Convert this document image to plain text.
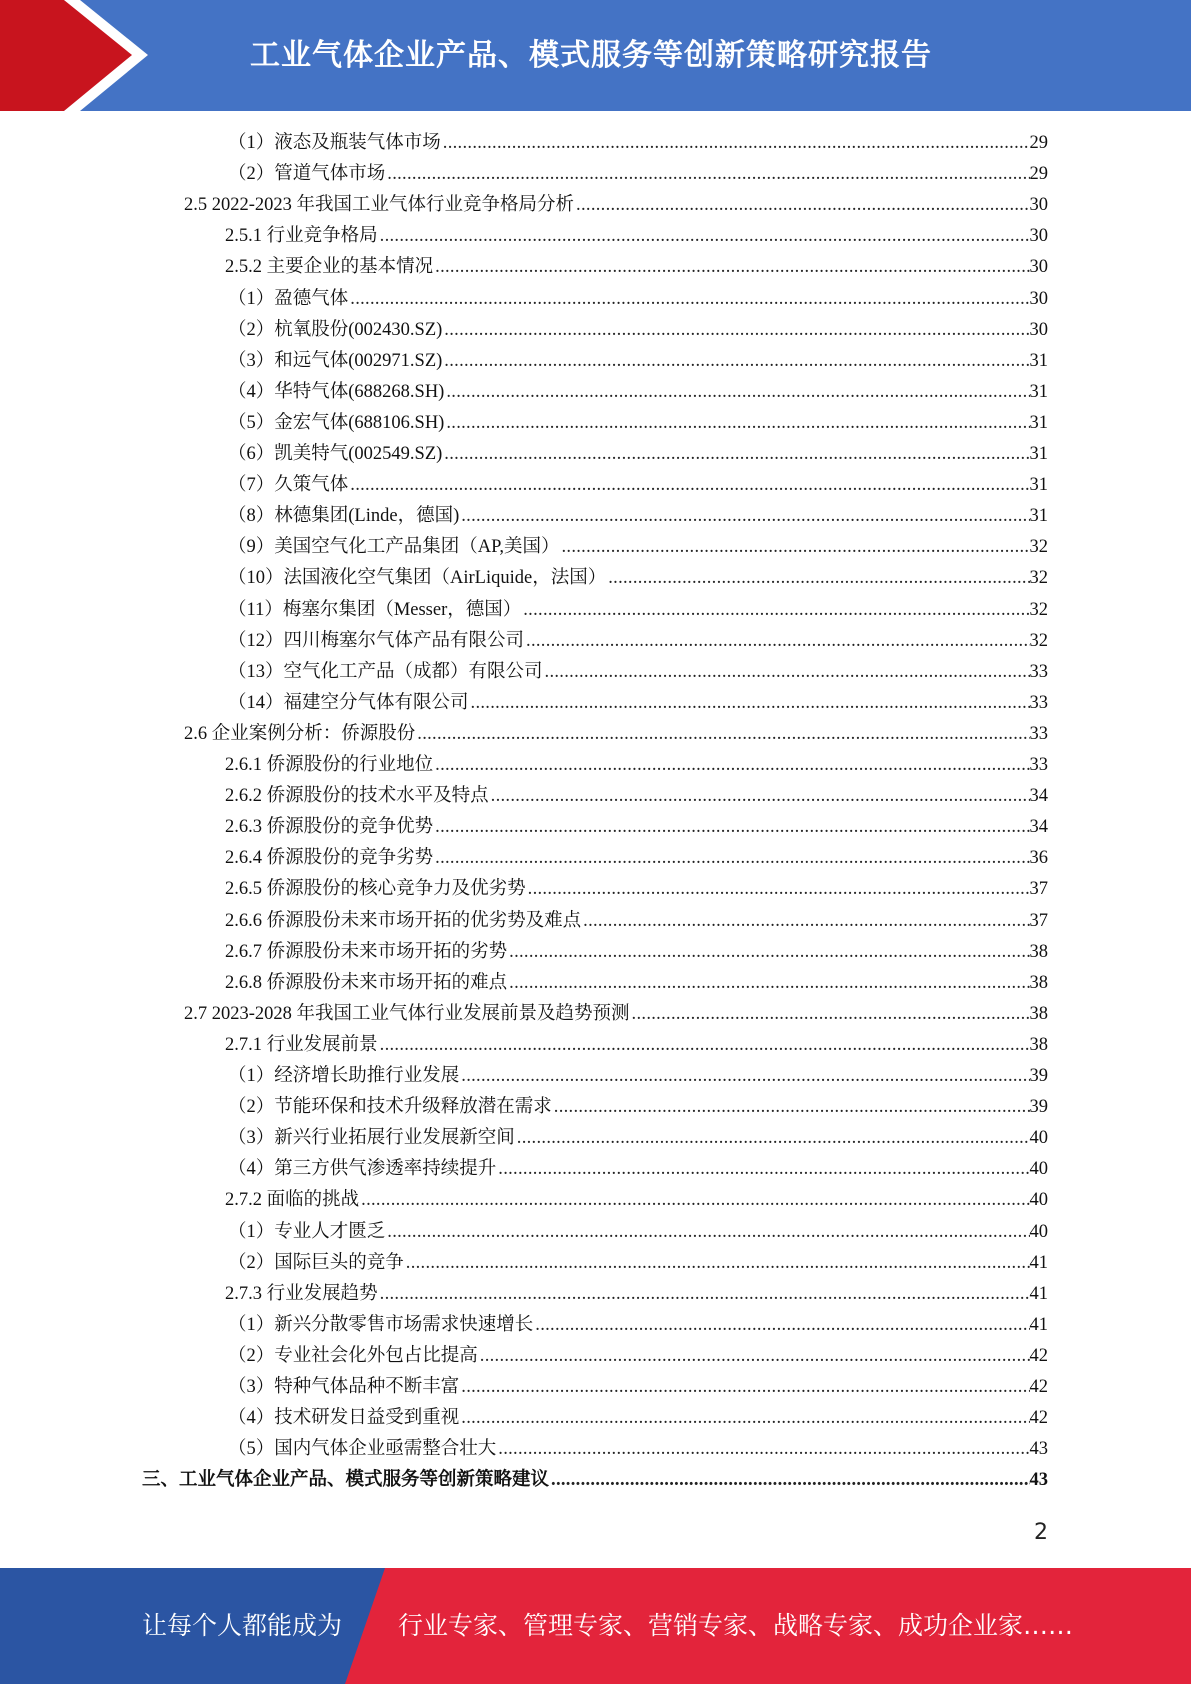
工业气体企业产品、模式服务等创新策略研究报告
（1）液态及瓶装气体市场 .....	29
（2）管道气体市场 .....	29
2.5 2022-2023 年我国工业气体行业竞争格局分析 .....	30
2.5.1 行业竞争格局 .....	30
2.5.2 主要企业的基本情况 .....	30
（1）盈德气体 .....	30
（2）杭氧股份(002430.SZ) .....	30
（3）和远气体(002971.SZ) .....	31
（4）华特气体(688268.SH) .....	31
（5）金宏气体(688106.SH) .....	31
（6）凯美特气(002549.SZ) .....	31
（7）久策气体 .....	31
（8）林德集团(Linde，德国) .....	31
（9）美国空气化工产品集团（AP,美国） .....	32
（10）法国液化空气集团（AirLiquide，法国） .....	32
（11）梅塞尔集团（Messer，德国） .....	32
（12）四川梅塞尔气体产品有限公司 .....	32
（13）空气化工产品（成都）有限公司 .....	33
（14）福建空分气体有限公司 .....	33
2.6 企业案例分析：侨源股份 .....	33
2.6.1 侨源股份的行业地位 .....	33
2.6.2 侨源股份的技术水平及特点 .....	34
2.6.3 侨源股份的竞争优势 .....	34
2.6.4 侨源股份的竞争劣势 .....	36
2.6.5 侨源股份的核心竞争力及优劣势 .....	37
2.6.6 侨源股份未来市场开拓的优劣势及难点 .....	37
2.6.7 侨源股份未来市场开拓的劣势 .....	38
2.6.8 侨源股份未来市场开拓的难点 .....	38
2.7 2023-2028 年我国工业气体行业发展前景及趋势预测 .....	38
2.7.1 行业发展前景 .....	38
（1）经济增长助推行业发展 .....	39
（2）节能环保和技术升级释放潜在需求 .....	39
（3）新兴行业拓展行业发展新空间 .....	40
（4）第三方供气渗透率持续提升 .....	40
2.7.2 面临的挑战 .....	40
（1）专业人才匮乏 .....	40
（2）国际巨头的竞争 .....	41
2.7.3 行业发展趋势 .....	41
（1）新兴分散零售市场需求快速增长 .....	41
（2）专业社会化外包占比提高 .....	42
（3）特种气体品种不断丰富 .....	42
（4）技术研发日益受到重视 .....	42
（5）国内气体企业亟需整合壮大 .....	43
三、工业气体企业产品、模式服务等创新策略建议 .....	43
2
让每个人都能成为 行业专家、管理专家、营销专家、战略专家、成功企业家……
